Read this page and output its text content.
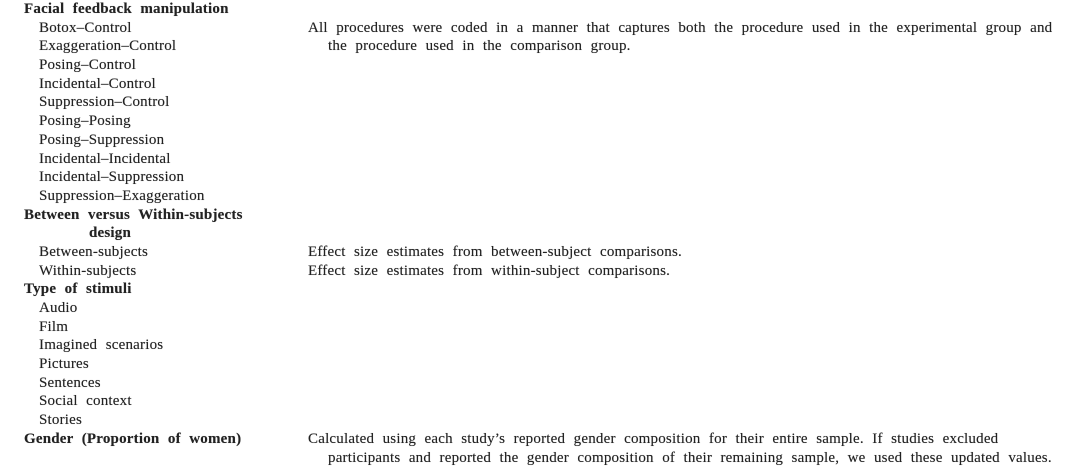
Facial feedback manipulation
Botox–Control
Exaggeration–Control
Posing–Control
Incidental–Control
Suppression–Control
Posing–Posing
Posing–Suppression
Incidental–Incidental
Incidental–Suppression
Suppression–Exaggeration
Between versus Within-subjects
design
Between-subjects
Within-subjects
Type of stimuli
Audio
Film
Imagined scenarios
Pictures
Sentences
Social context
Stories
Gender (Proportion of women)
All procedures were coded in a manner that captures both the procedure used in the experimental group and
the procedure used in the comparison group.
Effect size estimates from between-subject comparisons.
Effect size estimates from within-subject comparisons.
Calculated using each study’s reported gender composition for their entire sample. If studies excluded
participants and reported the gender composition of their remaining sample, we used these updated values.
